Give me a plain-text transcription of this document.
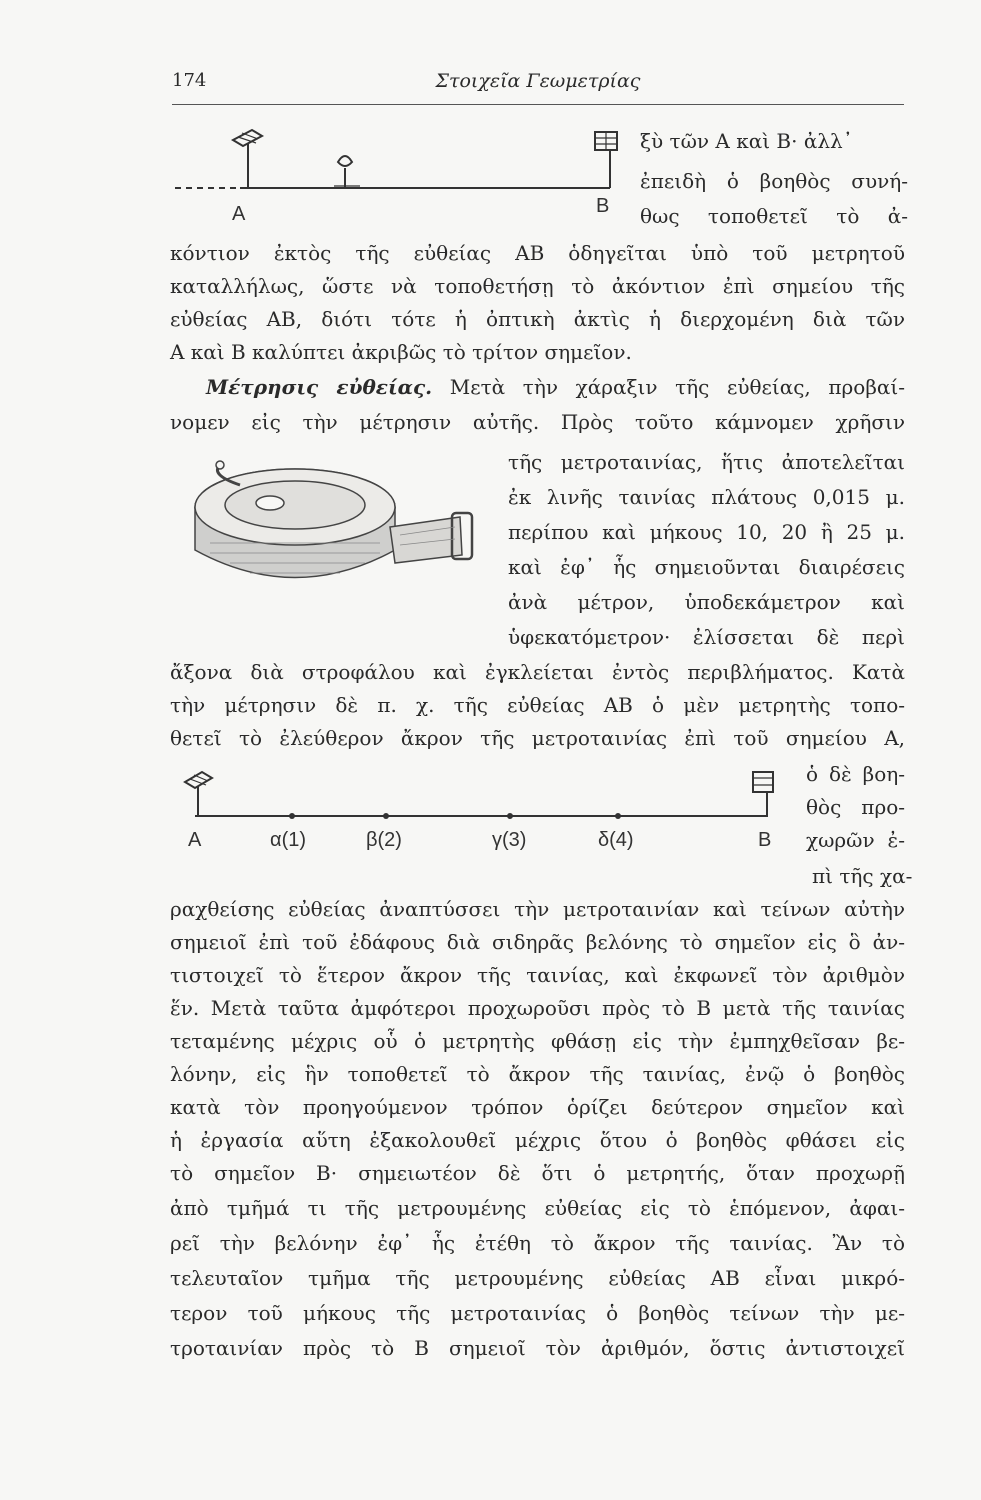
174	Στοιχεῖα Γεωμετρίας
A	B
A	α(1)	β(2)	γ(3)	δ(4)	B
ξὺ τῶν Α καὶ Β· ἀλλ᾽
ἐπειδὴ ὁ βοηθὸς συνή-
θως τοποθετεῖ τὸ ἀ-
κόντιον ἐκτὸς τῆς εὐθείας ΑΒ ὁδηγεῖται ὑπὸ τοῦ μετρητοῦ
καταλλήλως, ὥστε νὰ τοποθετήσῃ τὸ ἀκόντιον ἐπὶ σημείου τῆς
εὐθείας ΑΒ, διότι τότε ἡ ὀπτικὴ ἀκτὶς ἡ διερχομένη διὰ τῶν
Α καὶ Β καλύπτει ἀκριβῶς τὸ τρίτον σημεῖον.
Μέτρησις εὐθείας. Μετὰ τὴν χάραξιν τῆς εὐθείας, προβαί-
νομεν εἰς τὴν μέτρησιν αὐτῆς. Πρὸς τοῦτο κάμνομεν χρῆσιν
τῆς μετροταινίας, ἥτις ἀποτελεῖται
ἐκ λινῆς ταινίας πλάτους 0,015 μ.
περίπου καὶ μήκους 10, 20 ἢ 25 μ.
καὶ ἐφ᾽ ἧς σημειοῦνται διαιρέσεις
ἀνὰ μέτρον, ὑποδεκάμετρον καὶ
ὑφεκατόμετρον· ἐλίσσεται δὲ περὶ
ἄξονα διὰ στροφάλου καὶ ἐγκλείεται ἐντὸς περιβλήματος. Κατὰ
τὴν μέτρησιν δὲ π. χ. τῆς εὐθείας ΑΒ ὁ μὲν μετρητὴς τοπο-
θετεῖ τὸ ἐλεύθερον ἄκρον τῆς μετροταινίας ἐπὶ τοῦ σημείου Α,
ὁ δὲ βοη-
θὸς προ-
χωρῶν ἐ-
πὶ τῆς χα-
ραχθείσης εὐθείας ἀναπτύσσει τὴν μετροταινίαν καὶ τείνων αὐτὴν
σημειοῖ ἐπὶ τοῦ ἐδάφους διὰ σιδηρᾶς βελόνης τὸ σημεῖον εἰς ὃ ἀν-
τιστοιχεῖ τὸ ἕτερον ἄκρον τῆς ταινίας, καὶ ἐκφωνεῖ τὸν ἀριθμὸν
ἕν. Μετὰ ταῦτα ἀμφότεροι προχωροῦσι πρὸς τὸ Β μετὰ τῆς ταινίας
τεταμένης μέχρις οὗ ὁ μετρητὴς φθάσῃ εἰς τὴν ἐμπηχθεῖσαν βε-
λόνην, εἰς ἣν τοποθετεῖ τὸ ἄκρον τῆς ταινίας, ἐνῷ ὁ βοηθὸς
κατὰ τὸν προηγούμενον τρόπον ὁρίζει δεύτερον σημεῖον καὶ
ἡ ἐργασία αὕτη ἐξακολουθεῖ μέχρις ὅτου ὁ βοηθὸς φθάσει εἰς
τὸ σημεῖον Β· σημειωτέον δὲ ὅτι ὁ μετρητής, ὅταν προχωρῇ
ἀπὸ τμῆμά τι τῆς μετρουμένης εὐθείας εἰς τὸ ἑπόμενον, ἀφαι-
ρεῖ τὴν βελόνην ἐφ᾽ ἧς ἐτέθη τὸ ἄκρον τῆς ταινίας. Ἂν τὸ
τελευταῖον τμῆμα τῆς μετρουμένης εὐθείας ΑΒ εἶναι μικρό-
τερον τοῦ μήκους τῆς μετροταινίας ὁ βοηθὸς τείνων τὴν με-
τροταινίαν πρὸς τὸ Β σημειοῖ τὸν ἀριθμόν, ὅστις ἀντιστοιχεῖ
